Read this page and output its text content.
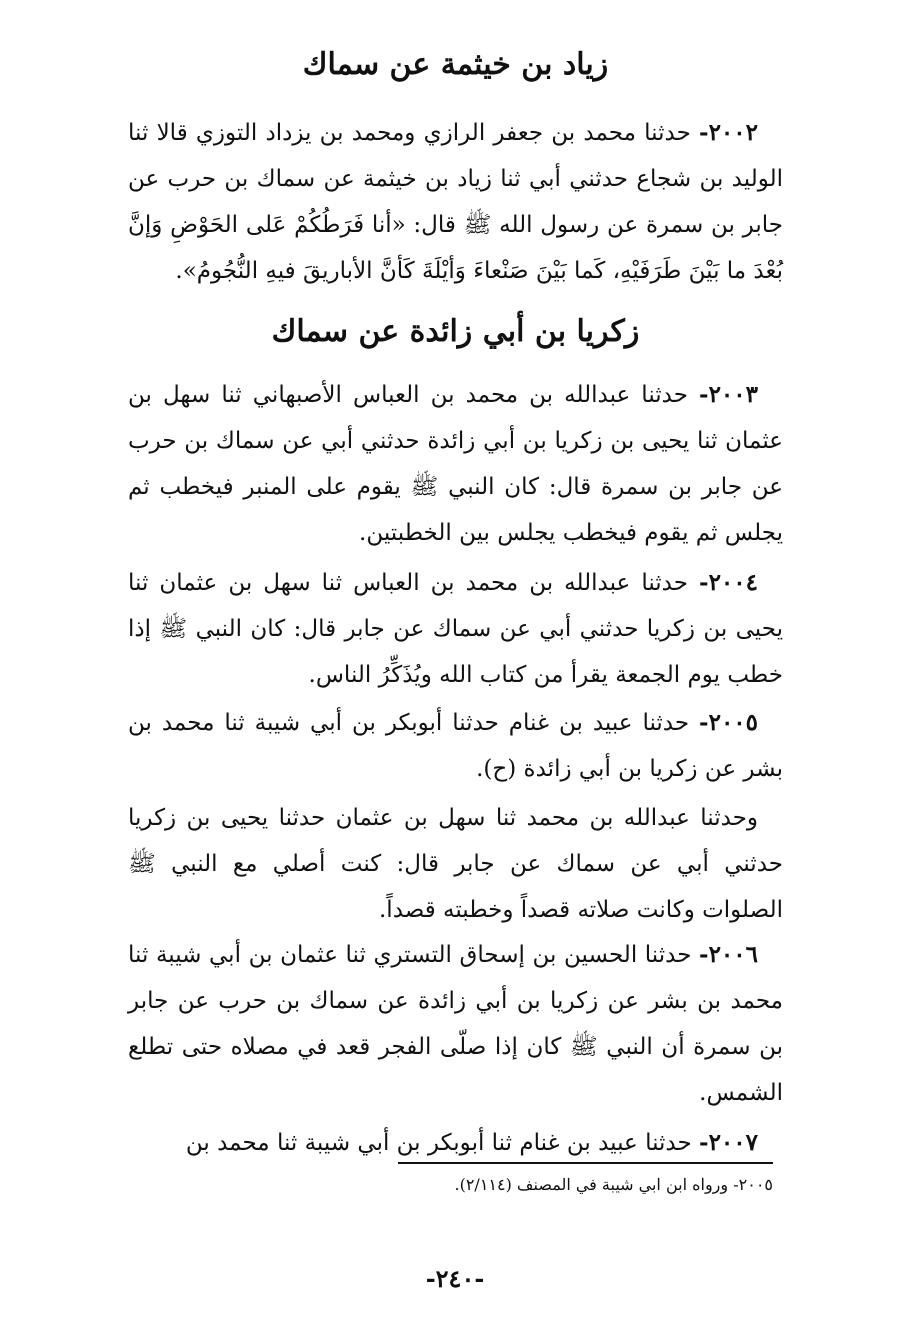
زياد بن خيثمة عن سماك

٢٠٠٢- حدثنا محمد بن جعفر الرازي ومحمد بن يزداد التوزي قالا ثنا الوليد بن شجاع حدثني أبي ثنا زياد بن خيثمة عن سماك بن حرب عن جابر بن سمرة عن رسول الله ﷺ قال: «أنا فَرَطُكُمْ عَلى الحَوْضِ وَإنَّ بُعْدَ ما بَيْنَ طَرَفَيْهِ، كَما بَيْنَ صَنْعاءَ وَأيْلَةَ كَأنَّ الأباريقَ فيهِ النُّجُومُ».

زكريا بن أبي زائدة عن سماك

٢٠٠٣- حدثنا عبدالله بن محمد بن العباس الأصبهاني ثنا سهل بن عثمان ثنا يحيى بن زكريا بن أبي زائدة حدثني أبي عن سماك بن حرب عن جابر بن سمرة قال: كان النبي ﷺ يقوم على المنبر فيخطب ثم يجلس ثم يقوم فيخطب يجلس بين الخطبتين.

٢٠٠٤- حدثنا عبدالله بن محمد بن العباس ثنا سهل بن عثمان ثنا يحيى بن زكريا حدثني أبي عن سماك عن جابر قال: كان النبي ﷺ إذا خطب يوم الجمعة يقرأ من كتاب الله ويُذَكِّرُ الناس.

٢٠٠٥- حدثنا عبيد بن غنام حدثنا أبوبكر بن أبي شيبة ثنا محمد بن بشر عن زكريا بن أبي زائدة (ح).

وحدثنا عبدالله بن محمد ثنا سهل بن عثمان حدثنا يحيى بن زكريا حدثني أبي عن سماك عن جابر قال: كنت أصلي مع النبي ﷺ الصلوات وكانت صلاته قصداً وخطبته قصداً.

٢٠٠٦- حدثنا الحسين بن إسحاق التستري ثنا عثمان بن أبي شيبة ثنا محمد بن بشر عن زكريا بن أبي زائدة عن سماك بن حرب عن جابر بن سمرة أن النبي ﷺ كان إذا صلّى الفجر قعد في مصلاه حتى تطلع الشمس.

٢٠٠٧- حدثنا عبيد بن غنام ثنا أبوبكر بن أبي شيبة ثنا محمد بن

٢٠٠٥- ورواه ابن ابي شيبة في المصنف (٢/١١٤).
-٢٤٠-
